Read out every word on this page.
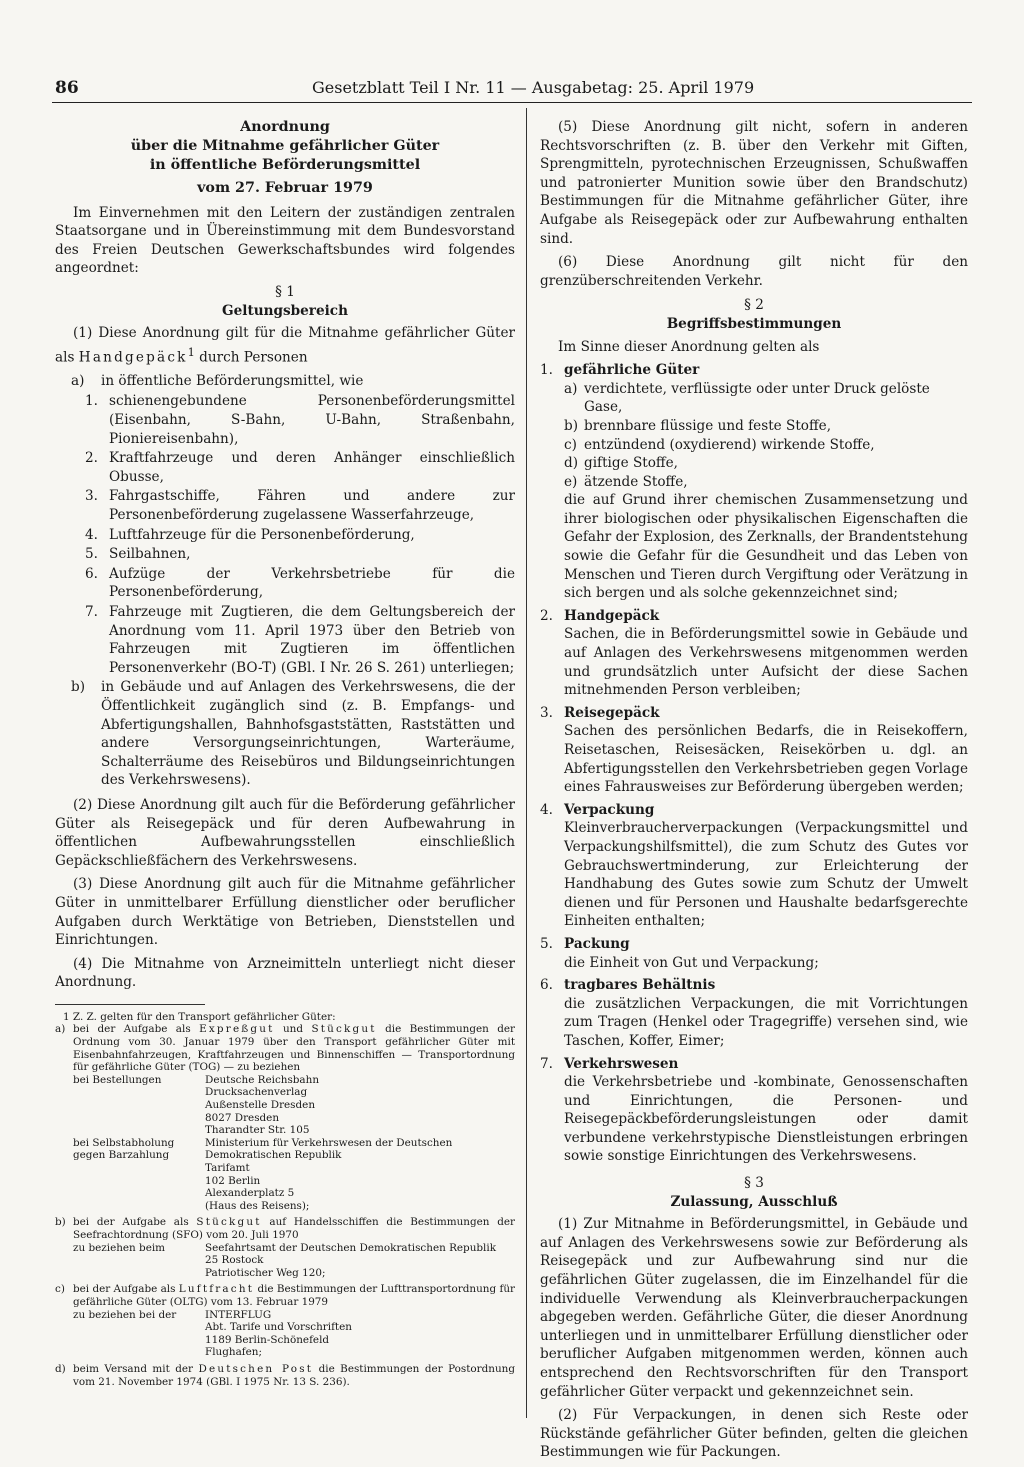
86	Gesetzblatt Teil I Nr. 11 — Ausgabetag: 25. April 1979
Anordnung
über die Mitnahme gefährlicher Güter
in öffentliche Beförderungsmittel
vom 27. Februar 1979

Im Einvernehmen mit den Leitern der zuständigen zentralen Staatsorgane und in Übereinstimmung mit dem Bundesvorstand des Freien Deutschen Gewerkschaftsbundes wird folgendes angeordnet:

§ 1
Geltungsbereich

(1) Diese Anordnung gilt für die Mitnahme gefährlicher Güter als Handgepäck$^1$ durch Personen

a)	in öffentliche Beförderungsmittel, wie
1. schienengebundene Personenbeförderungsmittel (Eisenbahn, S-Bahn, U-Bahn, Straßenbahn, Pioniereisenbahn),
2. Kraftfahrzeuge und deren Anhänger einschließlich Obusse,
3. Fahrgastschiffe, Fähren und andere zur Personenbeförderung zugelassene Wasserfahrzeuge,
4. Luftfahrzeuge für die Personenbeförderung,
5. Seilbahnen,
6. Aufzüge der Verkehrsbetriebe für die Personenbeförderung,
7. Fahrzeuge mit Zugtieren, die dem Geltungsbereich der Anordnung vom 11. April 1973 über den Betrieb von Fahrzeugen mit Zugtieren im öffentlichen Personenverkehr (BO-T) (GBl. I Nr. 26 S. 261) unterliegen;
b)	in Gebäude und auf Anlagen des Verkehrswesens, die der Öffentlichkeit zugänglich sind (z. B. Empfangs- und Abfertigungshallen, Bahnhofsgaststätten, Raststätten und andere Versorgungseinrichtungen, Warteräume, Schalterräume des Reisebüros und Bildungseinrichtungen des Verkehrswesens).

(2) Diese Anordnung gilt auch für die Beförderung gefährlicher Güter als Reisegepäck und für deren Aufbewahrung in öffentlichen Aufbewahrungsstellen einschließlich Gepäckschließfächern des Verkehrswesens.

(3) Diese Anordnung gilt auch für die Mitnahme gefährlicher Güter in unmittelbarer Erfüllung dienstlicher oder beruflicher Aufgaben durch Werktätige von Betrieben, Dienststellen und Einrichtungen.

(4) Die Mitnahme von Arzneimitteln unterliegt nicht dieser Anordnung.

1 Z. Z. gelten für den Transport gefährlicher Güter:
a) bei der Aufgabe als Expreßgut und Stückgut die Bestimmungen der Ordnung vom 30. Januar 1979 über den Transport gefährlicher Güter mit Eisenbahnfahrzeugen, Kraftfahrzeugen und Binnenschiffen — Transportordnung für gefährliche Güter (TOG) — zu beziehen
bei Bestellungen	Deutsche Reichsbahn
Drucksachenverlag
Außenstelle Dresden
8027 Dresden
Tharandter Str. 105
bei Selbstabholung gegen Barzahlung
Ministerium für Verkehrswesen der Deutschen Demokratischen Republik
Tarifamt
102 Berlin
Alexanderplatz 5
(Haus des Reisens);
b) bei der Aufgabe als Stückgut auf Handelsschiffen die Bestimmungen der Seefrachtordnung (SFO) vom 20. Juli 1970
zu beziehen beim	Seefahrtsamt der Deutschen Demokratischen Republik
25 Rostock
Patriotischer Weg 120;
c) bei der Aufgabe als Luftfracht die Bestimmungen der Lufttransportordnung für gefährliche Güter (OLTG) vom 13. Februar 1979
zu beziehen bei der	INTERFLUG
Abt. Tarife und Vorschriften
1189 Berlin-Schönefeld
Flughafen;
d) beim Versand mit der Deutschen Post die Bestimmungen der Postordnung vom 21. November 1974 (GBl. I 1975 Nr. 13 S. 236).

(5) Diese Anordnung gilt nicht, sofern in anderen Rechtsvorschriften (z. B. über den Verkehr mit Giften, Sprengmitteln, pyrotechnischen Erzeugnissen, Schußwaffen und patronierter Munition sowie über den Brandschutz) Bestimmungen für die Mitnahme gefährlicher Güter, ihre Aufgabe als Reisegepäck oder zur Aufbewahrung enthalten sind.

(6) Diese Anordnung gilt nicht für den grenzüberschreitenden Verkehr.

§ 2
Begriffsbestimmungen

Im Sinne dieser Anordnung gelten als

1. gefährliche Güter
a) verdichtete, verflüssigte oder unter Druck gelöste Gase,
b) brennbare flüssige und feste Stoffe,
c) entzündend (oxydierend) wirkende Stoffe,
d) giftige Stoffe,
e) ätzende Stoffe,
die auf Grund ihrer chemischen Zusammensetzung und ihrer biologischen oder physikalischen Eigenschaften die Gefahr der Explosion, des Zerknalls, der Brandentstehung sowie die Gefahr für die Gesundheit und das Leben von Menschen und Tieren durch Vergiftung oder Verätzung in sich bergen und als solche gekennzeichnet sind;
2. Handgepäck
Sachen, die in Beförderungsmittel sowie in Gebäude und auf Anlagen des Verkehrswesens mitgenommen werden und grundsätzlich unter Aufsicht der diese Sachen mitnehmenden Person verbleiben;
3. Reisegepäck
Sachen des persönlichen Bedarfs, die in Reisekoffern, Reisetaschen, Reisesäcken, Reisekörben u. dgl. an Abfertigungsstellen den Verkehrsbetrieben gegen Vorlage eines Fahrausweises zur Beförderung übergeben werden;
4. Verpackung
Kleinverbraucherverpackungen (Verpackungsmittel und Verpackungshilfsmittel), die zum Schutz des Gutes vor Gebrauchswertminderung, zur Erleichterung der Handhabung des Gutes sowie zum Schutz der Umwelt dienen und für Personen und Haushalte bedarfsgerechte Einheiten enthalten;
5. Packung
die Einheit von Gut und Verpackung;
6. tragbares Behältnis
die zusätzlichen Verpackungen, die mit Vorrichtungen zum Tragen (Henkel oder Tragegriffe) versehen sind, wie Taschen, Koffer, Eimer;
7. Verkehrswesen
die Verkehrsbetriebe und -kombinate, Genossenschaften und Einrichtungen, die Personen- und Reisegepäckbeförderungsleistungen oder damit verbundene verkehrstypische Dienstleistungen erbringen sowie sonstige Einrichtungen des Verkehrswesens.
§ 3
Zulassung, Ausschluß

(1) Zur Mitnahme in Beförderungsmittel, in Gebäude und auf Anlagen des Verkehrswesens sowie zur Beförderung als Reisegepäck und zur Aufbewahrung sind nur die gefährlichen Güter zugelassen, die im Einzelhandel für die individuelle Verwendung als Kleinverbraucherpackungen abgegeben werden. Gefährliche Güter, die dieser Anordnung unterliegen und in unmittelbarer Erfüllung dienstlicher oder beruflicher Aufgaben mitgenommen werden, können auch entsprechend den Rechtsvorschriften für den Transport gefährlicher Güter verpackt und gekennzeichnet sein.

(2) Für Verpackungen, in denen sich Reste oder Rückstände gefährlicher Güter befinden, gelten die gleichen Bestimmungen wie für Packungen.
